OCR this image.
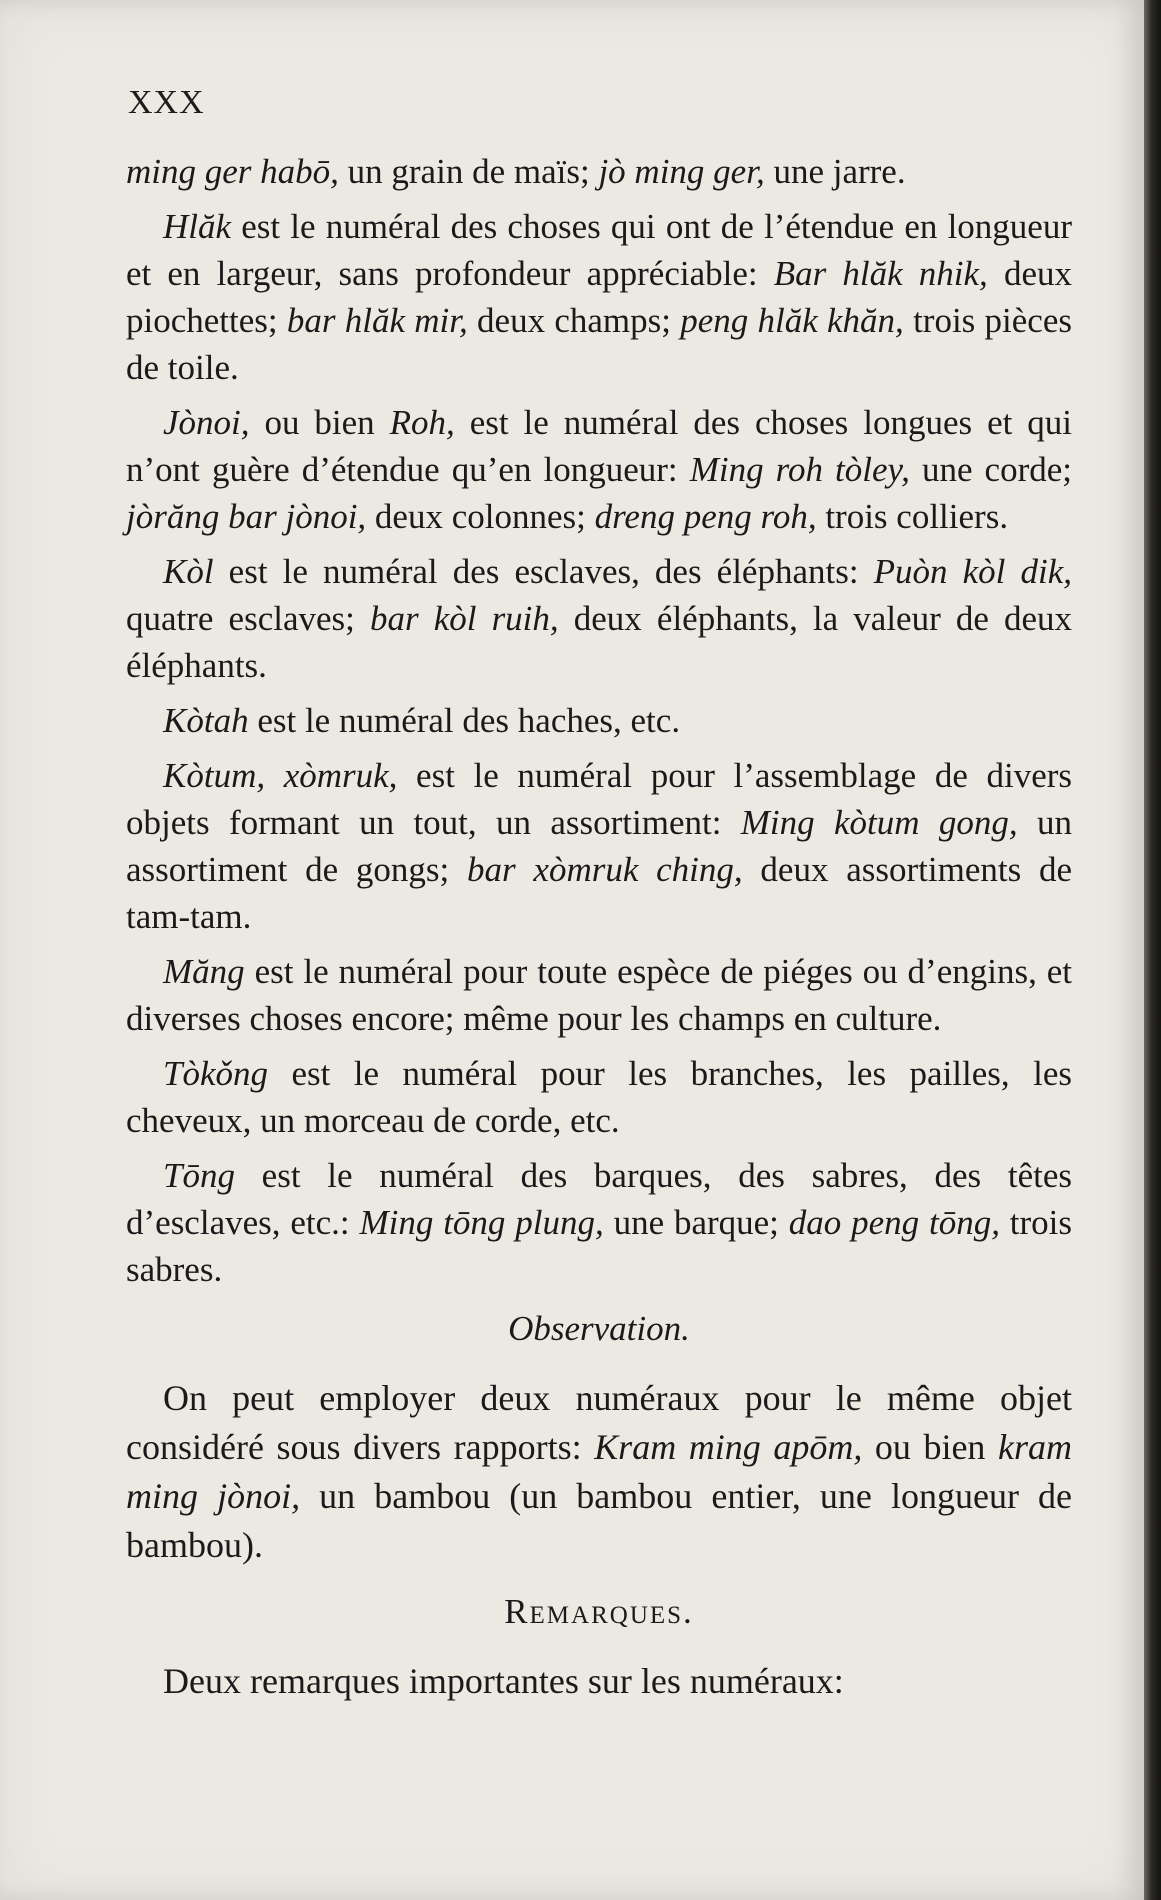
XXX

ming ger habō, un grain de maïs; jò ming ger, une jarre.

Hlăk est le numéral des choses qui ont de l’étendue en longueur et en largeur, sans profondeur appréciable: Bar hlăk nhik, deux piochettes; bar hlăk mir, deux champs; peng hlăk khăn, trois pièces de toile.

Jònoi, ou bien Roh, est le numéral des choses longues et qui n’ont guère d’étendue qu’en longueur: Ming roh tòley, une corde; jòrăng bar jònoi, deux colonnes; dreng peng roh, trois colliers.

Kòl est le numéral des esclaves, des éléphants: Puòn kòl dik, quatre esclaves; bar kòl ruih, deux éléphants, la valeur de deux éléphants.

Kòtah est le numéral des haches, etc.

Kòtum, xòmruk, est le numéral pour l’assemblage de divers objets formant un tout, un assortiment: Ming kòtum gong, un assortiment de gongs; bar xòmruk ching, deux assortiments de tam-tam.

Măng est le numéral pour toute espèce de piéges ou d’engins, et diverses choses encore; même pour les champs en culture.

Tòkǒng est le numéral pour les branches, les pailles, les cheveux, un morceau de corde, etc.

Tōng est le numéral des barques, des sabres, des têtes d’esclaves, etc.: Ming tōng plung, une barque; dao peng tōng, trois sabres.

Observation.

On peut employer deux numéraux pour le même objet considéré sous divers rapports: Kram ming apōm, ou bien kram ming jònoi, un bambou (un bambou entier, une longueur de bambou).

Remarques.

Deux remarques importantes sur les numéraux:
